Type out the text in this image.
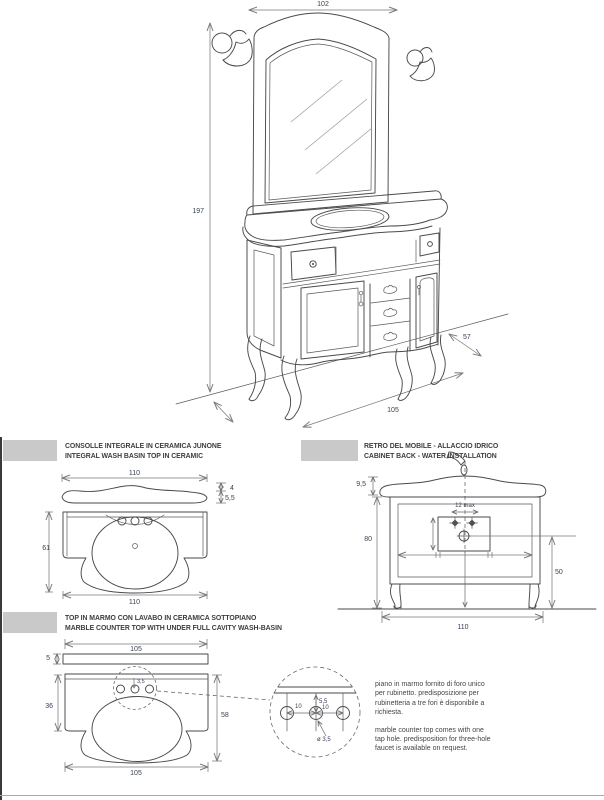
102
197
57
105
CONSOLLE INTEGRALE IN CERAMICA JUNONE
INTEGRAL WASH BASIN TOP IN CERAMIC
110
4
5,5
61
110
RETRO DEL MOBILE - ALLACCIO IDRICO
CABINET BACK - WATER INSTALLATION
9,5
12 max
80
50
110
TOP IN MARMO CON LAVABO IN CERAMICA SOTTOPIANO
MARBLE COUNTER TOP WITH UNDER FULL CAVITY WASH-BASIN
105
5
3,5
36
58
105
5,5
10	10
ø 3,5
piano in marmo fornito di foro unico
per rubinetto. predisposizione per
rubinetteria a tre fori è disponibile a
richiesta.
marble counter top comes with one
tap hole. predisposition for three-hole
faucet is available on request.
